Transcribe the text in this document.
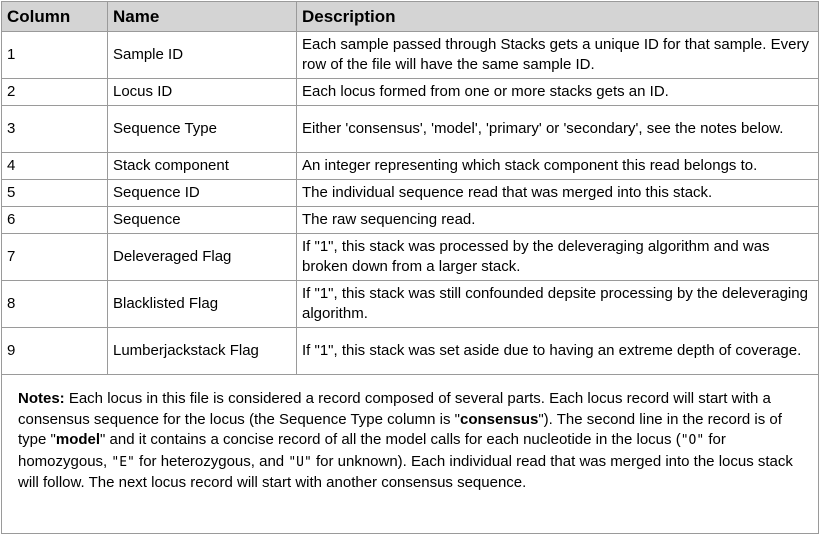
Column	Name	Description
1	Sample ID	Each sample passed through Stacks gets a unique ID for that sample. Every row of the file will have the same sample ID.
2	Locus ID	Each locus formed from one or more stacks gets an ID.
3	Sequence Type	Either 'consensus', 'model', 'primary' or 'secondary', see the notes below.
4	Stack component	An integer representing which stack component this read belongs to.
5	Sequence ID	The individual sequence read that was merged into this stack.
6	Sequence	The raw sequencing read.
7	Deleveraged Flag	If "1", this stack was processed by the deleveraging algorithm and was broken down from a larger stack.
8	Blacklisted Flag	If "1", this stack was still confounded depsite processing by the deleveraging algorithm.
9	Lumberjackstack Flag	If "1", this stack was set aside due to having an extreme depth of coverage.
Notes: Each locus in this file is considered a record composed of several parts. Each locus record will start with a consensus sequence for the locus (the Sequence Type column is "consensus"). The second line in the record is of type "model" and it contains a concise record of all the model calls for each nucleotide in the locus ("O" for homozygous, "E" for heterozygous, and "U" for unknown). Each individual read that was merged into the locus stack will follow. The next locus record will start with another consensus sequence.		
